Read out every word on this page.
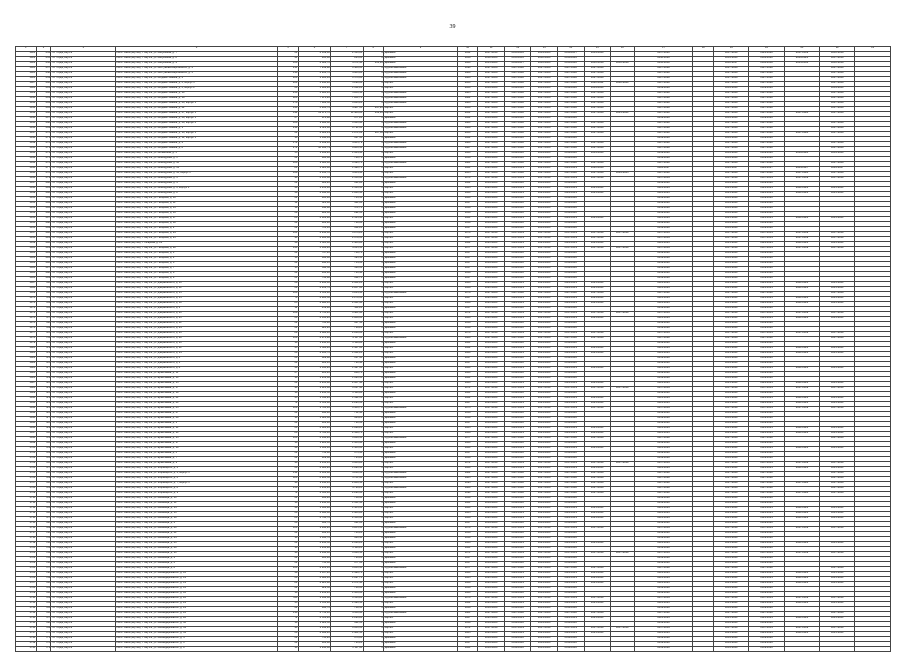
39
1	2	3	4	5	6	7	8	9	10	11	12	13	14	15	16	17	18	19	20	21	22	23
1621	654	ГО "город Якутск"	Респ. Саха (Якутия), г. Якутск, ул. Бабушкина, д. 7	64	2 659,00	2 513,00	0	Дешевое	1952	2017-2019	2015-2016	2019-2020	2016-2017	2019-2020		2017-2020		2017-2019	2021-2022	2017-2019	2016-2018	
1622	655	ГО "город Якутск"	Респ. Саха (Якутия), г. Якутск, ул. Бабушкина, д. 8	41	935,00	835,00	0	Дешевое	1958	2018-2020	2015-2016	2018-2020	2016-2022			2018-2020		2019-2020	2016-2022	2016-2021	2017-2018	
1623	656	ГО "город Якутск"	Респ. Саха (Якутия), г. Якутск, ул. Бабушкина, д. 9	166	4 682,70	4 171,40	451,30	Дешевое	1960	2015-2020	2016-2017	2016-2020	2016-2020	2016-2018	2016-2018	2016-2018		2016-2017	2014-2018	2015-2016	2016-2018	
1624	657	ГО "город Якутск"	Респ. Саха (Якутия), г. Якутск, ул. Бестужева-Марлинского, д. 4	231	7 249,98	6 589,60	0	Крупнопанельный	1990	2027-2028	2027-2028	2027-2028	2027-2028	2027-2028		2027-2028		2027-2028	2027-2028		2027-2028	
1625	658	ГО "город Якутск"	Респ. Саха (Якутия), г. Якутск, ул. Бестужева-Марлинского, д. 5	130	4 266,70	4 086,80	0	Крупнопанельный	1989	2027-2028	2027-2028	2027-2028	2027-2028	2027-2028		2027-2028		2027-2028	2027-2028		2027-2028	
1626	659	ГО "город Якутск"	Респ. Саха (Якутия), г. Якутск, ул. Богдана Чижика, д. 4	200	3 900,85	3 573,00	0	Крупнопанельный	1986	2027-2028	2027-2028	2027-2028	2027-2028	2027-2028		2027-2028		2027-2028	2027-2028		2027-2028	
1627	660	ГО "город Якутск"	Респ. Саха (Якутия), г. Якутск, ул. Богдана Чижика, д. 6, корпус 1	203	5 940,96	5 298,00	0	Кирпич	2000	2027-2028	2027-2028	2027-2028	2027-2028	2020-2022	2020-2020	2027-2028		2027-2028	2027-2028		2027-2028	
1628	661	ГО "город Якутск"	Респ. Саха (Якутия), г. Якутск, ул. Богдана Чижика, д. 6, корпус 2	60	1 806,40	1 612,20	0	Кирпич	2000	2019-2020	2019-2020	2019-2020	2019-2020	2019-2020		2019-2020		2019-2020	2019-2020		2019-2020	
1629	662	ГО "город Якутск"	Респ. Саха (Якутия), г. Якутск, ул. Богдана Чижика, д. 10	250	5 800,10	5 209,50	0	Крупнопанельный	1985	2027-2028	2027-2028	2027-2028	2027-2028	2027-2028		2027-2028		2027-2028	2027-2028		2027-2028	
1630	663	ГО "город Якутск"	Респ. Саха (Якутия), г. Якутск, ул. Богдана Чижика, д. 18	280	7 874,40	7 201,70	0	Крупнопанельный	1982	2027-2028	2027-2028	2027-2028	2027-2028	2027-2028		2027-2028		2027-2028	2027-2028		2027-2028	
1631	664	ГО "город Якутск"	Респ. Саха (Якутия), г. Якутск, ул. Богдана Чижика, д. 20, корпус 1	176	7 862,50	6 843,20	0	Крупнопанельный	1986	2027-2028	2027-2028	2027-2028	2027-2028	2027-2028		2027-2028		2027-2028	2027-2028		2027-2028	
1632	665	ГО "город Якутск"	Респ. Саха (Якутия), г. Якутск, ул. Богдана Чижика, д. 22	140	5 400,76	4 987,10	447,20	Кирпич	2004	2027-2028	2027-2028	2027-2028	2027-2028	2027-2028		2027-2028		2027-2028	2027-2028		2027-2028	
1633	666	ГО "город Якутск"	Респ. Саха (Якутия), г. Якутск, ул. Богдана Чижика, д. 27, корпус 1	192	13 071,70	11 389,00	452,30	Кирпич	2002	2027-2028	2027-2028	2027-2028	2027-2028	2027-2028	2021-2023	2027-2028		2027-2028	2027-2028	2027-2028	2027-2028	
1634	667	ГО "город Якутск"	Респ. Саха (Якутия), г. Якутск, ул. Богдана Чижика, д. 29, корпус 1	27	878,80	677,20	0	Дешевое	1962	2019-2020	2019-2020	2019-2020	2019-2020			2019-2020		2019-2020	2019-2020			
1635	668	ГО "город Якутск"	Респ. Саха (Якутия), г. Якутск, ул. Богдана Чижика, д. 29, корпус 2	106	3 896,62	3 623,90	0	Крупнопанельный	1983	2027-2028	2027-2028	2027-2028	2027-2028	2027-2028		2027-2028		2027-2028	2027-2028		2027-2028	
1636	669	ГО "город Якутск"	Респ. Саха (Якутия), г. Якутск, ул. Богдана Чижика, д. 3	239	9 523,00	8 791,60	0	Крупнопанельный	1989	2027-2028	2027-2028	2027-2028	2027-2028	2027-2028		2027-2028		2027-2028	2027-2028		2027-2028	
1637	670	ГО "город Якутск"	Респ. Саха (Якутия), г. Якутск, ул. Богдана Чижика, д. 30, корпус 1	24	2 083,19	1 871,02	297,50	Кирпич	2004	2027-2028	2027-2028	2027-2028	2027-2028	2027-2028		2027-2028		2027-2028	2027-2028	2027-2028	2027-2028	
1638	671	ГО "город Якутск"	Респ. Саха (Якутия), г. Якутск, ул. Богдана Чижика, д. 32, корпус 1	36	1 040,65	937,30	0	Дешевое	1962	2019-2020	2019-2020	2019-2020	2019-2020			2019-2020		2019-2020	2019-2020			
1639	672	ГО "город Якутск"	Респ. Саха (Якутия), г. Якутск, ул. Богдана Чижика, д. 4	172	4 399,30	4 005,79	0	Крупнопанельный	1984	2027-2028	2027-2028	2027-2028	2027-2028	2027-2028		2027-2028		2027-2028	2027-2028		2027-2028	
1640	673	ГО "город Якутск"	Респ. Саха (Якутия), г. Якутск, ул. Богдана Чижика, д. 8	272	10 836,79	9 806,50	0	Крупнопанельный	1987	2027-2028	2027-2028	2027-2028	2027-2028	2027-2028		2027-2028		2027-2028	2027-2028		2027-2028	
1641	674	ГО "город Якутск"	Респ. Саха (Якутия), г. Якутск, ул. Вилюйская, д. 5	55	1 852,40	1 624,30	0	Кирпич	1960	2019-2020	2019-2020	2019-2020	2019-2020	2019-2020		2019-2020		2019-2020	2019-2020	2019-2020	2019-2020	
1642	675	ГО "город Якутск"	Респ. Саха (Якутия), г. Якутск, ул. Винокурова, д. 1	24	864,60	783,70	0	Дешевое	1958	2019-2020	2019-2020	2019-2020	2019-2020			2019-2020		2019-2020	2019-2020			
1643	676	ГО "город Якутск"	Респ. Саха (Якутия), г. Якутск, ул. Винокурова, д. 10	106	3 680,00	3 393,70	0	Крупнопанельный	1981	2027-2028	2027-2028	2027-2028	2027-2028	2027-2028		2027-2028		2027-2028	2027-2028		2027-2028	
1644	677	ГО "город Якутск"	Респ. Саха (Якутия), г. Якутск, ул. Винокурова, д. 12	83	1 620,00	1 490,70	0	Кирпич	1961	2021-2023	2021-2023	2021-2023	2021-2023	2026-2028		2024-2027		2024-2027	2024-2027	2024-2027	2024-2027	
1645	678	ГО "город Якутск"	Респ. Саха (Якутия), г. Якутск, ул. Винокурова, д. 16, корпус 1	128	4 341,70	4 004,30	0	Кирпич	2005	2027-2028	2027-2028	2027-2028	2027-2028	2027-2028	2024-2025	2027-2028		2027-2028	2027-2028	2027-2028	2027-2028	
1646	679	ГО "город Якутск"	Респ. Саха (Якутия), г. Якутск, ул. Винокурова, д. 3	96	2 335,60	2 150,90	0	Крупнопанельный	1973	2017-2019	2017-2019	2017-2019	2017-2019	2017-2019		2017-2019		2017-2019	2017-2019	2017-2019	2017-2019	
1647	680	ГО "город Якутск"	Респ. Саха (Якутия), г. Якутск, ул. Винокурова, д. 4	22	683,40	621,80	0	Дешевое	1962	2019-2020	2019-2020	2019-2020	2019-2020			2019-2020		2019-2020	2019-2020			
1648	681	ГО "город Якутск"	Респ. Саха (Якутия), г. Якутск, ул. Винокурова, д. 6, корпус 1	48	1 451,30	1 316,30	0	Кирпич	1965	2021-2023	2021-2023	2021-2023	2021-2023	2021-2023		2021-2023		2021-2023	2021-2023	2021-2023	2021-2023	
1649	682	ГО "город Якутск"	Респ. Саха (Якутия), г. Якутск, ул. Винокурова, д. 8	48	2 038,00	1 840,30	0	Кирпич	1964	2021-2023	2021-2023	2021-2023	2021-2023	2021-2023		2021-2023		2021-2023	2021-2023	2021-2023	2021-2023	
1650	683	ГО "город Якутск"	Респ. Саха (Якутия), г. Якутск, ул. Гагарина, д. 10	24	835,30	745,50	0	Дешевое	1960	2019-2020	2019-2020	2019-2020	2019-2020			2019-2020		2019-2020	2019-2020			
1651	684	ГО "город Якутск"	Респ. Саха (Якутия), г. Якутск, ул. Гагарина, д. 11	12	521,00	461,00	0	Дешевое	1957	2019-2020	2019-2020	2019-2020	2019-2020			2019-2020		2019-2020	2019-2020			
1652	685	ГО "город Якутск"	Респ. Саха (Якутия), г. Якутск, ул. Гагарина, д. 13	18	648,80	571,70	0	Дешевое	1958	2019-2020	2019-2020	2019-2020	2019-2020			2019-2020		2019-2020	2019-2020			
1653	686	ГО "город Якутск"	Респ. Саха (Якутия), г. Якутск, ул. Гагарина, д. 16	29	982,60	892,10	0	Дешевое	1958	2019-2020	2019-2020	2019-2020	2019-2020			2019-2020		2019-2020	2019-2020			
1654	687	ГО "город Якутск"	Респ. Саха (Якутия), г. Якутск, ул. Гагарина, д. 17	80	2 812,90	2 535,40	0	Кирпич	1961	2021-2023	2021-2023	2021-2023	2021-2023	2021-2023		2021-2023		2021-2023	2021-2023	2021-2023	2021-2023	
1655	688	ГО "город Якутск"	Респ. Саха (Якутия), г. Якутск, ул. Гагарина, д. 18	24	863,90	768,00	0	Дешевое	1959	2019-2020	2019-2020	2019-2020	2019-2020			2019-2020		2019-2020	2019-2020			
1656	689	ГО "город Якутск"	Респ. Саха (Якутия), г. Якутск, ул. Гагарина, д. 2	22	701,10	642,20	0	Дешевое	1957	2019-2020	2019-2020	2019-2020	2019-2020			2019-2020		2019-2020	2019-2020			
1657	690	ГО "город Якутск"	Респ. Саха (Якутия), г. Якутск, ул. Гагарина, д. 24	121	4 238,00	3 876,20	0	Кирпич	1970	2017-2019	2017-2019	2017-2019	2017-2019	2017-2019	2017-2019	2017-2019		2017-2019	2017-2019	2017-2019	2017-2019	
1658	691	ГО "город Якутск"	Респ. Саха (Якутия), г. Якутск, ул. Гагарина, д. 25	90	2 960,60	2 678,10	0	Кирпич	1967	2017-2019	2017-2019	2017-2019	2017-2019	2017-2019		2017-2019		2017-2019	2017-2019	2017-2019	2017-2019	
1659	692	ГО "город Якутск"	Респ. Саха (Якутия), г. Гагарина, д. 26	48	1 585,00	1 400,80	0	Кирпич	1962	2021-2023	2021-2023	2021-2023	2021-2023	2021-2023		2021-2023		2021-2023	2021-2023	2021-2023	2021-2023	
1660	693	ГО "город Якутск"	Респ. Саха (Якутия), г. Якутск, ул. Гагарина, д. 28	140	5 036,40	4 615,50	0	Кирпич	1977	2017-2019	2017-2019	2017-2019	2017-2019	2017-2019	2017-2019	2017-2019		2017-2019	2017-2019	2017-2019	2017-2019	
1661	694	ГО "город Якутск"	Респ. Саха (Якутия), г. Якутск, ул. Гагарина, д. 3	24	797,40	709,70	0	Дешевое	1957	2019-2020	2019-2020	2019-2020	2019-2020			2019-2020		2019-2020	2019-2020			
1662	695	ГО "город Якутск"	Респ. Саха (Якутия), г. Якутск, ул. Гагарина, д. 4	16	668,00	595,50	0	Дешевое	1957	2019-2020	2019-2020	2019-2020	2019-2020			2019-2020		2019-2020	2019-2020			
1663	696	ГО "город Якутск"	Респ. Саха (Якутия), г. Якутск, ул. Гагарина, д. 6	24	844,10	754,10	0	Дешевое	1957	2019-2020	2019-2020	2019-2020	2019-2020			2019-2020		2019-2020	2019-2020			
1664	697	ГО "город Якутск"	Респ. Саха (Якутия), г. Якутск, ул. Гагарина, д. 7	15	598,50	533,10	0	Дешевое	1957	2019-2020	2019-2020	2019-2020	2019-2020			2019-2020		2019-2020	2019-2020			
1665	698	ГО "город Якутск"	Респ. Саха (Якутия), г. Якутск, ул. Гагарина, д. 8	24	856,90	766,40	0	Дешевое	1958	2019-2020	2019-2020	2019-2020	2019-2020			2019-2020		2019-2020	2019-2020			
1666	699	ГО "город Якутск"	Респ. Саха (Якутия), г. Якутск, ул. Гагарина, д. 9	21	736,80	662,70	0	Дешевое	1957	2019-2020	2019-2020	2019-2020	2019-2020			2019-2020		2019-2020	2019-2020			
1667	700	ГО "город Якутск"	Респ. Саха (Якутия), г. Якутск, ул. Дзержинского, д. 10	68	2 268,00	2 062,20	0	Кирпич	1966	2021-2023	2021-2023	2021-2023	2021-2023	2021-2023		2021-2023		2021-2023	2021-2023	2021-2023	2021-2023	
1668	701	ГО "город Якутск"	Респ. Саха (Якутия), г. Якутск, ул. Дзержинского, д. 12	69	2 412,70	2 207,60	0	Кирпич	1968	2021-2023	2021-2023	2021-2023	2021-2023	2021-2023		2021-2023		2021-2023	2021-2023	2021-2023	2021-2023	
1669	702	ГО "город Якутск"	Респ. Саха (Якутия), г. Якутск, ул. Дзержинского, д. 13	100	3 512,90	3 244,30	0	Крупнопанельный	1978	2027-2028	2027-2028	2027-2028	2027-2028	2027-2028		2027-2028		2027-2028	2027-2028		2027-2028	
1670	703	ГО "город Якутск"	Респ. Саха (Якутия), г. Якутск, ул. Дзержинского, д. 15	70	2 480,50	2 270,10	0	Кирпич	1967	2021-2023	2021-2023	2021-2023	2021-2023	2021-2023		2021-2023		2021-2023	2021-2023	2021-2023	2021-2023	
1671	704	ГО "город Якутск"	Респ. Саха (Якутия), г. Якутск, ул. Дзержинского, д. 18	85	2 890,10	2 641,90	0	Кирпич	1969	2021-2023	2021-2023	2021-2023	2021-2023	2021-2023		2021-2023		2021-2023	2021-2023	2021-2023	2021-2023	
1672	705	ГО "город Якутск"	Респ. Саха (Якутия), г. Якутск, ул. Дзержинского, д. 2	12	459,90	411,20	0	Дешевое	1957	2019-2020	2019-2020	2019-2020	2019-2020			2019-2020		2019-2020	2019-2020			
1673	706	ГО "город Якутск"	Респ. Саха (Якутия), г. Якутск, ул. Дзержинского, д. 20	108	3 710,40	3 381,90	0	Кирпич	1972	2017-2019	2017-2019	2017-2019	2017-2019	2017-2019	2017-2019	2017-2019		2017-2019	2017-2019	2017-2019	2017-2019	
1674	707	ГО "город Якутск"	Респ. Саха (Якутия), г. Якутск, ул. Дзержинского, д. 21	60	2 050,20	1 868,60	0	Кирпич	1966	2021-2023	2021-2023	2021-2023	2021-2023	2021-2023		2021-2023		2021-2023	2021-2023	2021-2023	2021-2023	
1675	708	ГО "город Якутск"	Респ. Саха (Якутия), г. Якутск, ул. Дзержинского, д. 22	22	764,90	687,50	0	Дешевое	1958	2019-2020	2019-2020	2019-2020	2019-2020			2019-2020		2019-2020	2019-2020			
1676	709	ГО "город Якутск"	Респ. Саха (Якутия), г. Якутск, ул. Дзержинского, д. 24	24	826,20	739,20	0	Дешевое	1959	2019-2020	2019-2020	2019-2020	2019-2020			2019-2020		2019-2020	2019-2020			
1677	710	ГО "город Якутск"	Респ. Саха (Якутия), г. Якутск, ул. Дзержинского, д. 26	89	3 088,30	2 818,00	0	Кирпич	1970	2017-2019	2017-2019	2017-2019	2017-2019	2017-2019		2017-2019		2017-2019	2017-2019	2017-2019	2017-2019	
1678	711	ГО "город Якутск"	Респ. Саха (Якутия), г. Якутск, ул. Дзержинского, д. 28	128	4 478,90	4 117,60	0	Крупнопанельный	1980	2027-2028	2027-2028	2027-2028	2027-2028	2027-2028		2027-2028		2027-2028	2027-2028		2027-2028	
1679	712	ГО "город Якутск"	Респ. Саха (Якутия), г. Якутск, ул. Дзержинского, д. 30	36	1 240,30	1 118,80	0	Дешевое	1961	2019-2020	2019-2020	2019-2020	2019-2020			2019-2020		2019-2020	2019-2020			
1680	713	ГО "город Якутск"	Респ. Саха (Якутия), г. Якутск, ул. Дзержинского, д. 32	45	1 588,40	1 427,60	0	Кирпич	1962	2021-2023	2021-2023	2021-2023	2021-2023	2021-2023		2021-2023		2021-2023	2021-2023	2021-2023	2021-2023	
1681	714	ГО "город Якутск"	Респ. Саха (Якутия), г. Якутск, ул. Дзержинского, д. 34	60	2 100,70	1 912,20	0	Кирпич	1964	2021-2023	2021-2023	2021-2023	2021-2023	2021-2023		2021-2023		2021-2023	2021-2023	2021-2023	2021-2023	
1682	715	ГО "город Якутск"	Респ. Саха (Якутия), г. Якутск, ул. Дзержинского, д. 4	20	689,80	617,40	0	Дешевое	1957	2019-2020	2019-2020	2019-2020	2019-2020			2019-2020		2019-2020	2019-2020			
1683	716	ГО "город Якутск"	Респ. Саха (Якутия), г. Якутск, ул. Дзержинского, д. 6	24	803,10	720,40	0	Дешевое	1957	2019-2020	2019-2020	2019-2020	2019-2020			2019-2020		2019-2020	2019-2020			
1684	717	ГО "город Якутск"	Респ. Саха (Якутия), г. Якутск, ул. Дзержинского, д. 8	48	1 650,20	1 497,90	0	Кирпич	1963	2021-2023	2021-2023	2021-2023	2021-2023	2021-2023		2021-2023		2021-2023	2021-2023	2021-2023	2021-2023	
1685	718	ГО "город Якутск"	Респ. Саха (Якутия), г. Якутск, ул. Ермолаева, д. 11	27	901,40	808,70	0	Дешевое	1960	2019-2020	2019-2020	2019-2020	2019-2020			2019-2020		2019-2020	2019-2020			
1686	719	ГО "город Якутск"	Респ. Саха (Якутия), г. Якутск, ул. Ермолаева, д. 13	36	1 212,60	1 093,30	0	Дешевое	1961	2019-2020	2019-2020	2019-2020	2019-2020			2019-2020		2019-2020	2019-2020			
1687	720	ГО "город Якутск"	Респ. Саха (Якутия), г. Якутск, ул. Ермолаева, д. 15	64	2 210,80	2 007,40	0	Кирпич	1966	2021-2023	2021-2023	2021-2023	2021-2023	2021-2023		2021-2023		2021-2023	2021-2023	2021-2023	2021-2023	
1688	721	ГО "город Якутск"	Респ. Саха (Якутия), г. Якутск, ул. Ермолаева, д. 17	96	3 321,00	3 037,40	0	Кирпич	1971	2017-2019	2017-2019	2017-2019	2017-2019	2017-2019	2017-2019	2017-2019		2017-2019	2017-2019	2017-2019	2017-2019	
1689	722	ГО "город Якутск"	Респ. Саха (Якутия), г. Якутск, ул. Ермолаева, д. 19	36	1 234,50	1 110,80	0	Дешевое	1961	2019-2020	2019-2020	2019-2020	2019-2020			2019-2020		2019-2020	2019-2020			
1690	723	ГО "город Якутск"	Респ. Саха (Якутия), г. Якутск, ул. Ермолаева, д. 21	45	1 546,20	1 392,10	0	Кирпич	1962	2021-2023	2021-2023	2021-2023	2021-2023	2021-2023		2021-2023		2021-2023	2021-2023	2021-2023	2021-2023	
1691	724	ГО "город Якутск"	Респ. Саха (Якутия), г. Якутск, ул. Ермолаева, д. 23	72	2 512,80	2 293,10	0	Кирпич	1967	2021-2023	2021-2023	2021-2023	2021-2023	2021-2023		2021-2023		2021-2023	2021-2023	2021-2023	2021-2023	
1692	725	ГО "город Якутск"	Респ. Саха (Якутия), г. Якутск, ул. Ермолаева, д. 25	108	3 780,30	3 456,70	0	Крупнопанельный	1975	2017-2019	2017-2019	2017-2019	2017-2019	2017-2019		2017-2019		2017-2019	2017-2019	2017-2019	2017-2019	
1693	726	ГО "город Якутск"	Респ. Саха (Якутия), г. Якутск, ул. Ермолаева, д. 27	24	838,90	752,40	0	Дешевое	1958	2019-2020	2019-2020	2019-2020	2019-2020			2019-2020		2019-2020	2019-2020			
1694	727	ГО "город Якутск"	Респ. Саха (Якутия), г. Якутск, ул. Ермолаева, д. 29	30	1 028,60	924,20	0	Дешевое	1959	2019-2020	2019-2020	2019-2020	2019-2020			2019-2020		2019-2020	2019-2020			
1695	728	ГО "город Якутск"	Респ. Саха (Якутия), г. Якутск, ул. Ермолаева, д. 3	24	812,90	730,10	0	Дешевое	1957	2019-2020	2019-2020	2019-2020	2019-2020			2019-2020		2019-2020	2019-2020			
1696	729	ГО "город Якутск"	Респ. Саха (Якутия), г. Якутск, ул. Ермолаева, д. 31	60	2 086,40	1 898,20	0	Кирпич	1965	2021-2023	2021-2023	2021-2023	2021-2023	2021-2023		2021-2023		2021-2023	2021-2023	2021-2023	2021-2023	
1697	730	ГО "город Якутск"	Респ. Саха (Якутия), г. Якутск, ул. Ермолаева, д. 33	80	2 788,30	2 548,70	0	Кирпич	1968	2021-2023	2021-2023	2021-2023	2021-2023	2021-2023		2021-2023		2021-2023	2021-2023	2021-2023	2021-2023	
1698	731	ГО "город Якутск"	Респ. Саха (Якутия), г. Якутск, ул. Ермолаева, д. 35	120	4 198,40	3 849,30	0	Крупнопанельный	1977	2027-2028	2027-2028	2027-2028	2027-2028	2027-2028		2027-2028		2027-2028	2027-2028		2027-2028	
1699	732	ГО "город Якутск"	Респ. Саха (Якутия), г. Якутск, ул. Ермолаева, д. 37	36	1 228,80	1 106,90	0	Дешевое	1960	2019-2020	2019-2020	2019-2020	2019-2020			2019-2020		2019-2020	2019-2020			
1700	733	ГО "город Якутск"	Респ. Саха (Якутия), г. Якутск, ул. Ермолаева, д. 39	48	1 662,30	1 503,60	0	Кирпич	1963	2021-2023	2021-2023	2021-2023	2021-2023	2021-2023		2021-2023		2021-2023	2021-2023	2021-2023	2021-2023	
1701	734	ГО "город Якутск"	Респ. Саха (Якутия), г. Якутск, ул. Ермолаева, д. 5	22	752,80	675,30	0	Дешевое	1957	2019-2020	2019-2020	2019-2020	2019-2020			2019-2020		2019-2020	2019-2020			
1702	735	ГО "город Якутск"	Респ. Саха (Якутия), г. Якутск, ул. Ермолаева, д. 7	24	819,60	735,80	0	Дешевое	1958	2019-2020	2019-2020	2019-2020	2019-2020			2019-2020		2019-2020	2019-2020			
1703	736	ГО "город Якутск"	Респ. Саха (Якутия), г. Якутск, ул. Ермолаева, д. 9	96	3 356,10	3 066,80	0	Кирпич	1972	2017-2019	2017-2019	2017-2019	2017-2019	2017-2019	2017-2019	2017-2019		2017-2019	2017-2019	2017-2019	2017-2019	
1704	737	ГО "город Якутск"	Респ. Саха (Якутия), г. Якутск, ул. Жорницкого, д. 2	60	2 084,20	1 893,40	0	Кирпич	1964	2021-2023	2021-2023	2021-2023	2021-2023	2021-2023		2021-2023		2021-2023	2021-2023	2021-2023	2021-2023	
1705	738	ГО "город Якутск"	Респ. Саха (Якутия), г. Якутск, ул. Жорницкого, д. 4, корпус 1	132	4 612,80	4 228,10	0	Крупнопанельный	1982	2027-2028	2027-2028	2027-2028	2027-2028	2027-2028		2027-2028		2027-2028	2027-2028		2027-2028	
1706	739	ГО "город Якутск"	Респ. Саха (Якутия), г. Якутск, ул. Жорницкого, д. 6	180	6 284,50	5 761,90	0	Крупнопанельный	1985	2027-2028	2027-2028	2027-2028	2027-2028	2027-2028		2027-2028		2027-2028	2027-2028		2027-2028	
1707	740	ГО "город Якутск"	Респ. Саха (Якутия), г. Якутск, ул. Жорницкого, д. 7, корпус 1	90	3 140,10	2 869,50	0	Кирпич	1995	2027-2028	2027-2028	2027-2028	2027-2028	2027-2028		2027-2028		2027-2028	2027-2028	2027-2028	2027-2028	
1708	741	ГО "город Якутск"	Респ. Саха (Якутия), г. Якутск, ул. Жорницкого, д. 8	150	5 236,40	4 799,20	0	Крупнопанельный	1984	2027-2028	2027-2028	2027-2028	2027-2028	2027-2028		2027-2028		2027-2028	2027-2028		2027-2028	
1709	742	ГО "город Якутск"	Респ. Саха (Якутия), г. Якутск, ул. Жорницкого, д. 9	72	2 510,30	2 290,60	0	Кирпич	1993	2027-2028	2027-2028	2027-2028	2027-2028	2027-2028		2027-2028		2027-2028	2027-2028	2027-2028	2027-2028	
1710	743	ГО "город Якутск"	Респ. Саха (Якутия), г. Якутск, ул. Кальвица, д. 10	24	836,40	749,90	0	Дешевое	1959	2019-2020	2019-2020	2019-2020	2019-2020			2019-2020		2019-2020	2019-2020			
1711	744	ГО "город Якутск"	Респ. Саха (Якутия), г. Якутск, ул. Кальвица, д. 12	36	1 244,00	1 121,30	0	Дешевое	1961	2019-2020	2019-2020	2019-2020	2019-2020			2019-2020		2019-2020	2019-2020			
1712	745	ГО "город Якутск"	Респ. Саха (Якутия), г. Якутск, ул. Кальвица, д. 14	48	1 664,90	1 505,10	0	Кирпич	1963	2021-2023	2021-2023	2021-2023	2021-2023	2021-2023		2021-2023		2021-2023	2021-2023	2021-2023	2021-2023	
1713	746	ГО "город Якутск"	Респ. Саха (Якутия), г. Якутск, ул. Кальвица, д. 16	60	2 090,60	1 900,80	0	Кирпич	1965	2021-2023	2021-2023	2021-2023	2021-2023	2021-2023		2021-2023		2021-2023	2021-2023	2021-2023	2021-2023	
1714	747	ГО "город Якутск"	Респ. Саха (Якутия), г. Якутск, ул. Кальвица, д. 18	80	2 790,70	2 550,90	0	Кирпич	1968	2021-2023	2021-2023	2021-2023	2021-2023	2021-2023		2021-2023		2021-2023	2021-2023	2021-2023	2021-2023	
1715	748	ГО "город Якутск"	Респ. Саха (Якутия), г. Якутск, ул. Кальвица, д. 2	20	693,70	621,00	0	Дешевое	1957	2019-2020	2019-2020	2019-2020	2019-2020			2019-2020		2019-2020	2019-2020			
1716	749	ГО "город Якутск"	Респ. Саха (Якутия), г. Якутск, ул. Кальвица, д. 20	100	3 498,20	3 205,30	0	Крупнопанельный	1974	2017-2019	2017-2019	2017-2019	2017-2019	2017-2019		2017-2019		2017-2019	2017-2019	2017-2019	2017-2019	
1717	750	ГО "город Якутск"	Респ. Саха (Якутия), г. Якутск, ул. Кальвица, д. 22	24	832,10	746,20	0	Дешевое	1958	2019-2020	2019-2020	2019-2020	2019-2020			2019-2020		2019-2020	2019-2020			
1718	751	ГО "город Якутск"	Респ. Саха (Якутия), г. Якутск, ул. Кальвица, д. 24	30	1 030,70	926,40	0	Дешевое	1959	2019-2020	2019-2020	2019-2020	2019-2020			2019-2020		2019-2020	2019-2020			
1719	752	ГО "город Якутск"	Респ. Саха (Якутия), г. Якутск, ул. Кальвица, д. 26	64	2 234,50	2 030,20	0	Кирпич	1966	2021-2023	2021-2023	2021-2023	2021-2023	2021-2023		2021-2023		2021-2023	2021-2023	2021-2023	2021-2023	
1720	753	ГО "город Якутск"	Респ. Саха (Якутия), г. Якутск, ул. Кальвица, д. 28	36	1 236,90	1 113,20	0	Дешевое	1961	2019-2020	2019-2020	2019-2020	2019-2020			2019-2020		2019-2020	2019-2020			
1721	754	ГО "город Якутск"	Респ. Саха (Якутия), г. Якутск, ул. Кальвица, д. 30	96	3 338,00	3 049,50	0	Кирпич	1971	2017-2019	2017-2019	2017-2019	2017-2019	2017-2019	2017-2019	2017-2019		2017-2019	2017-2019	2017-2019	2017-2019	
1722	755	ГО "город Якутск"	Респ. Саха (Якутия), г. Якутск, ул. Кальвица, д. 4	24	810,30	726,80	0	Дешевое	1957	2019-2020	2019-2020	2019-2020	2019-2020			2019-2020		2019-2020	2019-2020			
1723	756	ГО "город Якутск"	Респ. Саха (Якутия), г. Якутск, ул. Кальвица, д. 6	22	754,60	677,10	0	Дешевое	1957	2019-2020	2019-2020	2019-2020	2019-2020			2019-2020		2019-2020	2019-2020			
1724	757	ГО "город Якутск"	Респ. Саха (Якутия), г. Якутск, ул. Кальвица, д. 8	120	4 203,10	3 853,40	0	Крупнопанельный	1977	2027-2028	2027-2028	2027-2028	2027-2028	2027-2028		2027-2028		2027-2028	2027-2028		2027-2028	
1725	758	ГО "город Якутск"	Респ. Саха (Якутия), г. Якутск, ул. Каландаришвили, д. 10	48	1 657,40	1 499,70	0	Кирпич	1963	2021-2023	2021-2023	2021-2023	2021-2023	2021-2023		2021-2023		2021-2023	2021-2023	2021-2023	2021-2023	
1726	759	ГО "город Якутск"	Респ. Саха (Якутия), г. Якутск, ул. Каландаришвили, д. 12	60	2 088,10	1 897,70	0	Кирпич	1965	2021-2023	2021-2023	2021-2023	2021-2023	2021-2023		2021-2023		2021-2023	2021-2023	2021-2023	2021-2023	
1727	760	ГО "город Якутск"	Респ. Саха (Якутия), г. Якутск, ул. Каландаришвили, д. 14	84	2 925,80	2 671,40	0	Кирпич	1969	2021-2023	2021-2023	2021-2023	2021-2023	2021-2023		2021-2023		2021-2023	2021-2023	2021-2023	2021-2023	
1728	761	ГО "город Якутск"	Респ. Саха (Якутия), г. Якутск, ул. Каландаришвили, д. 16	24	829,50	743,60	0	Дешевое	1958	2019-2020	2019-2020	2019-2020	2019-2020			2019-2020		2019-2020	2019-2020			
1729	762	ГО "город Якутск"	Респ. Саха (Якутия), г. Якутск, ул. Каландаришвили, д. 18	36	1 232,40	1 109,60	0	Дешевое	1960	2019-2020	2019-2020	2019-2020	2019-2020			2019-2020		2019-2020	2019-2020			
1730	763	ГО "город Якутск"	Респ. Саха (Якутия), г. Якутск, ул. Каландаришвили, д. 20	110	3 842,60	3 516,80	0	Крупнопанельный	1976	2017-2019	2017-2019	2017-2019	2017-2019	2017-2019		2017-2019		2017-2019	2017-2019	2017-2019	2017-2019	
1731	764	ГО "город Якутск"	Респ. Саха (Якутия), г. Якутск, ул. Каландаришвили, д. 22	45	1 551,90	1 396,50	0	Кирпич	1962	2021-2023	2021-2023	2021-2023	2021-2023	2021-2023		2021-2023		2021-2023	2021-2023	2021-2023	2021-2023	
1732	765	ГО "город Якутск"	Респ. Саха (Якутия), г. Якутск, ул. Каландаришвили, д. 24	24	834,70	748,30	0	Дешевое	1958	2019-2020	2019-2020	2019-2020	2019-2020			2019-2020		2019-2020	2019-2020			
1733	766	ГО "город Якутск"	Респ. Саха (Якутия), г. Якутск, ул. Каландаришвили, д. 26	136	4 752,30	4 358,90	0	Крупнопанельный	1981	2027-2028	2027-2028	2027-2028	2027-2028	2027-2028		2027-2028		2027-2028	2027-2028		2027-2028	
1734	767	ГО "город Якутск"	Респ. Саха (Якутия), г. Якутск, ул. Каландаришвили, д. 28	72	2 516,40	2 296,80	0	Кирпич	1967	2021-2023	2021-2023	2021-2023	2021-2023	2021-2023		2021-2023		2021-2023	2021-2023	2021-2023	2021-2023	
1735	768	ГО "город Якутск"	Респ. Саха (Якутия), г. Якутск, ул. Каландаришвили, д. 30	30	1 026,50	922,10	0	Дешевое	1959	2019-2020	2019-2020	2019-2020	2019-2020			2019-2020		2019-2020	2019-2020			
1736	769	ГО "город Якутск"	Респ. Саха (Якутия), г. Якутск, ул. Каландаришвили, д. 32	96	3 342,20	3 053,10	0	Кирпич	1972	2017-2019	2017-2019	2017-2019	2017-2019	2017-2019	2017-2019	2017-2019		2017-2019	2017-2019	2017-2019	2017-2019	
1737	770	ГО "город Якутск"	Респ. Саха (Якутия), г. Якутск, ул. Каландаришвили, д. 34	60	2 092,40	1 902,50	0	Кирпич	1965	2021-2023	2021-2023	2021-2023	2021-2023	2021-2023		2021-2023		2021-2023	2021-2023	2021-2023	2021-2023	
1738	771	ГО "город Якутск"	Респ. Саха (Якутия), г. Якутск, ул. Каландаришвили, д. 4	22	750,20	673,00	0	Дешевое	1957	2019-2020	2019-2020	2019-2020	2019-2020			2019-2020		2019-2020	2019-2020			
1739	772	ГО "город Якутск"	Респ. Саха (Якутия), г. Якутск, ул. Каландаришвили, д. 6	24	816,80	733,20	0	Дешевое	1957	2019-2020	2019-2020	2019-2020	2019-2020			2019-2020		2019-2020	2019-2020			
1740	773	ГО "город Якутск"	Респ. Саха (Якутия), г. Якутск, ул. Каландаришвили, д. 8	36	1 240,60	1 117,90	0	Дешевое	1961	2019-2020	2019-2020	2019-2020	2019-2020			2019-2020		2019-2020	2019-2020			
